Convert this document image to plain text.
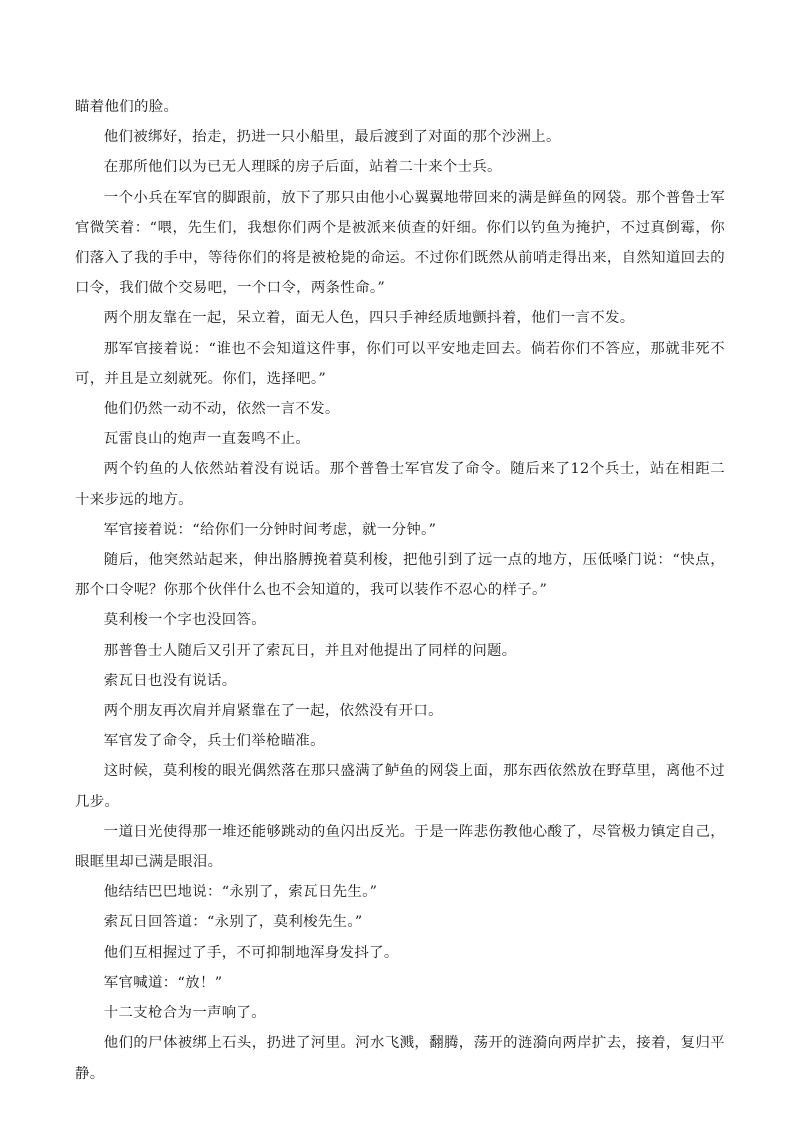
瞄着他们的脸。

他们被绑好，抬走，扔进一只小船里，最后渡到了对面的那个沙洲上。

在那所他们以为已无人理睬的房子后面，站着二十来个士兵。

一个小兵在军官的脚跟前，放下了那只由他小心翼翼地带回来的满是鲜鱼的网袋。那个普鲁士军官微笑着：“喂，先生们，我想你们两个是被派来侦查的奸细。你们以钓鱼为掩护，不过真倒霉，你们落入了我的手中，等待你们的将是被枪毙的命运。不过你们既然从前哨走得出来，自然知道回去的口令，我们做个交易吧，一个口令，两条性命。”

两个朋友靠在一起，呆立着，面无人色，四只手神经质地颤抖着，他们一言不发。

那军官接着说：“谁也不会知道这件事，你们可以平安地走回去。倘若你们不答应，那就非死不可，并且是立刻就死。你们，选择吧。”

他们仍然一动不动，依然一言不发。

瓦雷良山的炮声一直轰鸣不止。

两个钓鱼的人依然站着没有说话。那个普鲁士军官发了命令。随后来了12个兵士，站在相距二十来步远的地方。

军官接着说：“给你们一分钟时间考虑，就一分钟。”

随后，他突然站起来，伸出胳膊挽着莫利梭，把他引到了远一点的地方，压低嗓门说：“快点，那个口令呢？你那个伙伴什么也不会知道的，我可以装作不忍心的样子。”

莫利梭一个字也没回答。

那普鲁士人随后又引开了索瓦日，并且对他提出了同样的问题。

索瓦日也没有说话。

两个朋友再次肩并肩紧靠在了一起，依然没有开口。

军官发了命令，兵士们举枪瞄准。

这时候，莫利梭的眼光偶然落在那只盛满了鲈鱼的网袋上面，那东西依然放在野草里，离他不过几步。

一道日光使得那一堆还能够跳动的鱼闪出反光。于是一阵悲伤教他心酸了，尽管极力镇定自己，眼眶里却已满是眼泪。

他结结巴巴地说：“永别了，索瓦日先生。”

索瓦日回答道：“永别了，莫利梭先生。”

他们互相握过了手，不可抑制地浑身发抖了。

军官喊道：“放！”

十二支枪合为一声响了。

他们的尸体被绑上石头，扔进了河里。河水飞溅，翻腾，荡开的涟漪向两岸扩去，接着，复归平静。
